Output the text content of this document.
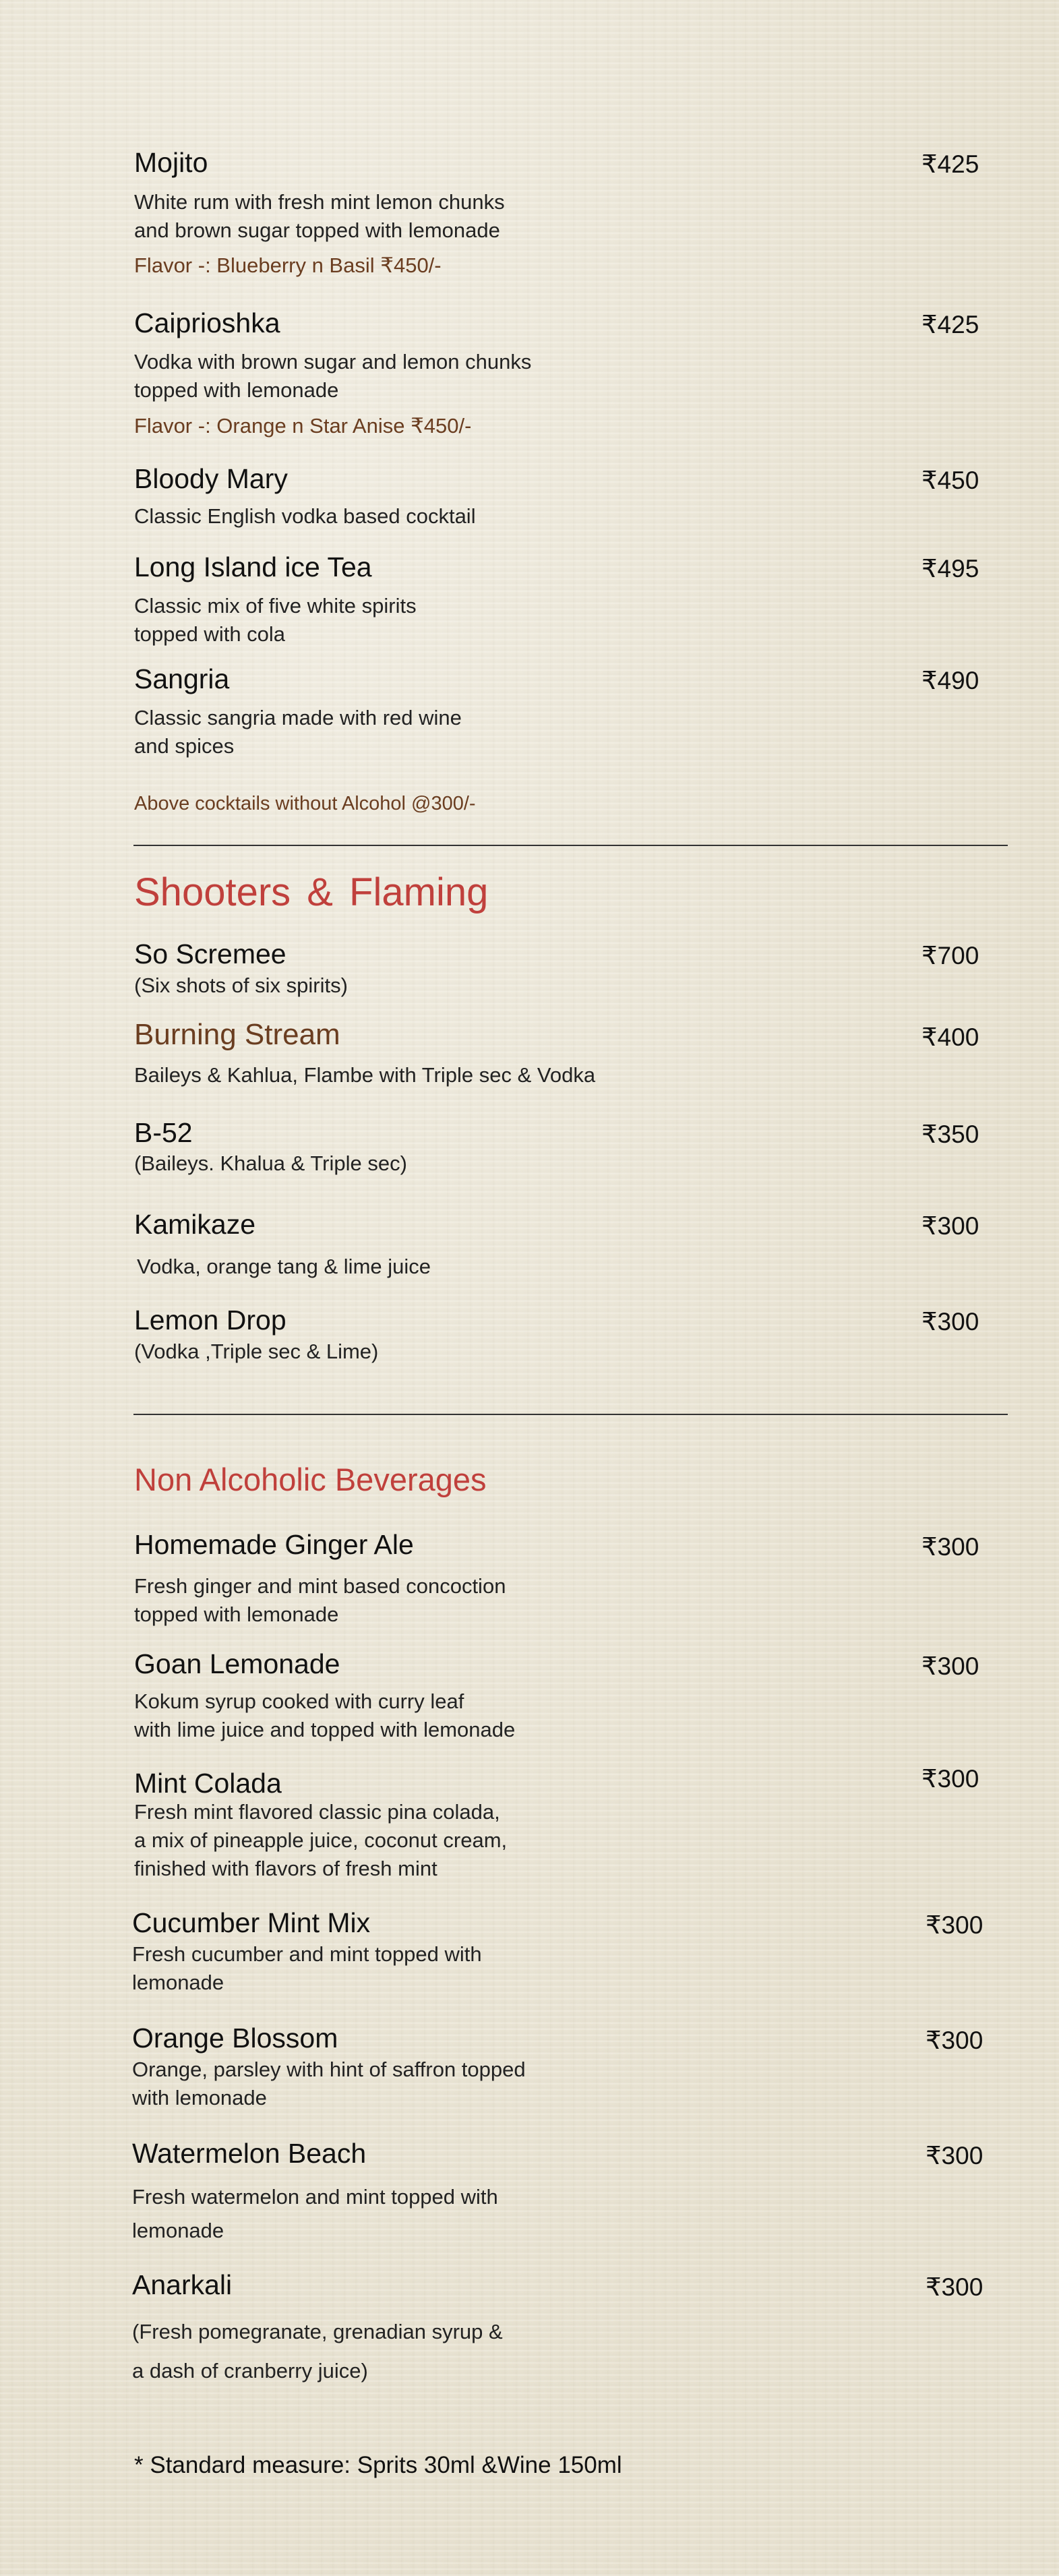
Mojito	₹425
White rum with fresh mint lemon chunks
and brown sugar topped with lemonade
Flavor -: Blueberry n Basil ₹450/-
Caiprioshka	₹425
Vodka with brown sugar and lemon chunks
topped with lemonade
Flavor -: Orange n Star Anise ₹450/-
Bloody Mary	₹450
Classic English vodka based cocktail
Long Island ice Tea	₹495
Classic mix of five white spirits
topped with cola
Sangria	₹490
Classic sangria made with red wine
and spices
Above cocktails without Alcohol @300/-
Shooters & Flaming
So Scremee	₹700
(Six shots of six spirits)
Burning Stream	₹400
Baileys & Kahlua, Flambe with Triple sec & Vodka
B-52	₹350
(Baileys. Khalua & Triple sec)
Kamikaze	₹300
Vodka, orange tang & lime juice
Lemon Drop	₹300
(Vodka ,Triple sec & Lime)
Non Alcoholic Beverages
Homemade Ginger Ale	₹300
Fresh ginger and mint based concoction
topped with lemonade
Goan Lemonade	₹300
Kokum syrup cooked with curry leaf
with lime juice and topped with lemonade
Mint Colada	₹300
Fresh mint flavored classic pina colada,
a mix of pineapple juice, coconut cream,
finished with flavors of fresh mint
Cucumber Mint Mix	₹300
Fresh cucumber and mint topped with
lemonade
Orange Blossom	₹300
Orange, parsley with hint of saffron topped
with lemonade
Watermelon Beach	₹300
Fresh watermelon and mint topped with
lemonade
Anarkali	₹300
(Fresh pomegranate, grenadian syrup &
a dash of cranberry juice)
* Standard measure: Sprits 30ml &Wine 150ml
